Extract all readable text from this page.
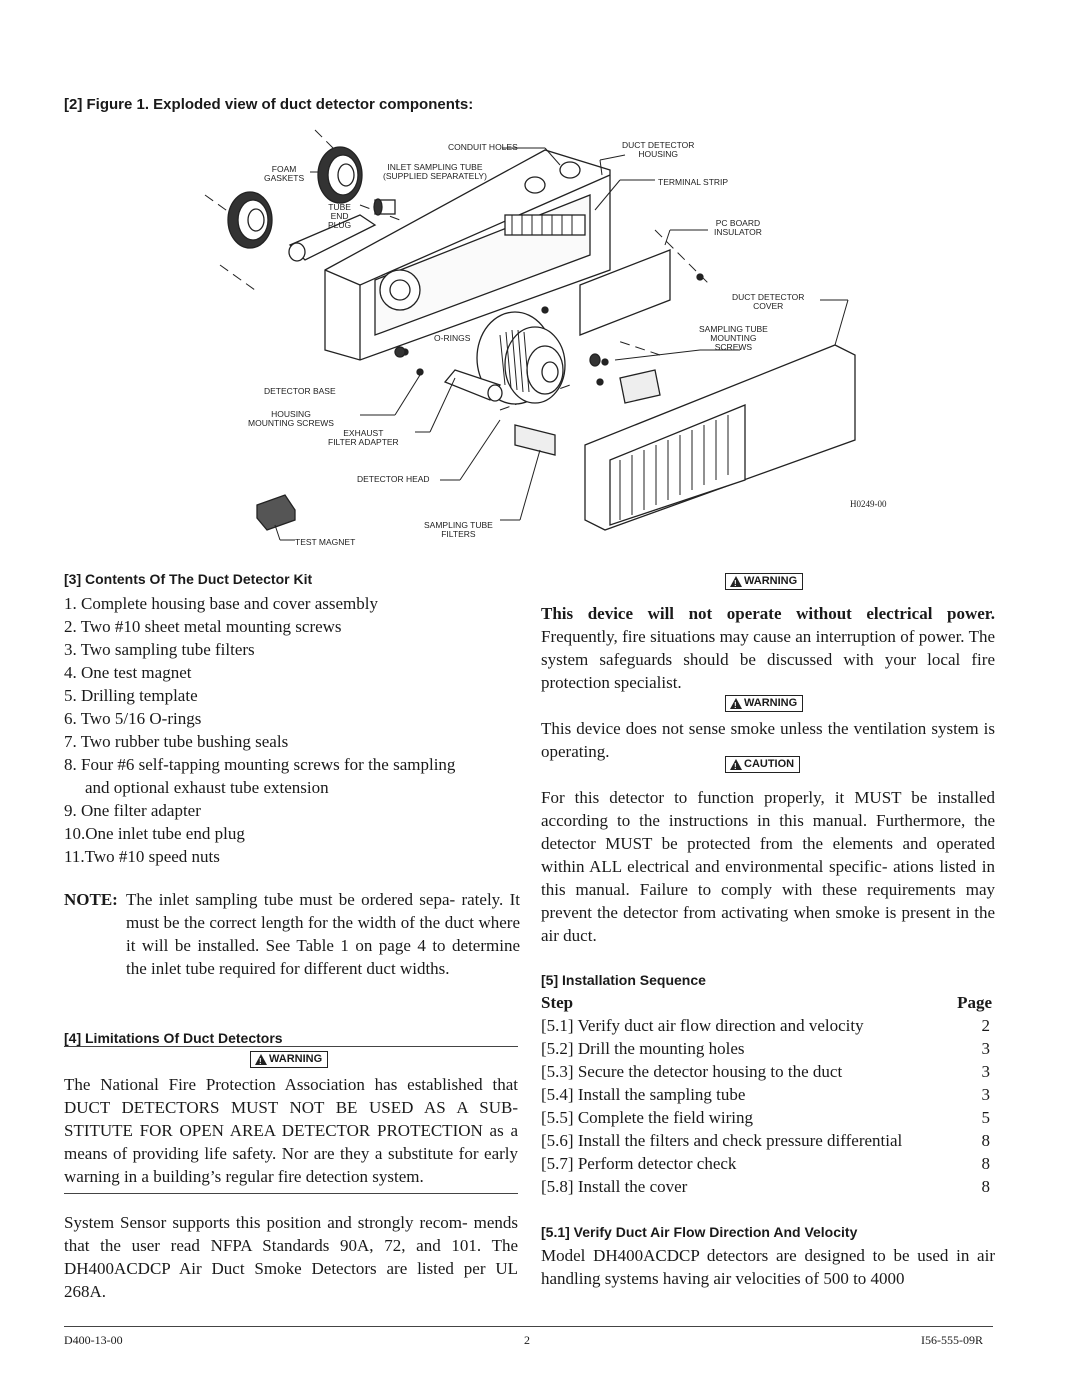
[2] Figure 1. Exploded view of duct detector components:
CONDUIT HOLES	DUCT DETECTOR
HOUSING
FOAM
GASKETS
INLET SAMPLING TUBE
(SUPPLIED SEPARATELY)
TERMINAL STRIP
TUBE
END
PLUG	PC BOARD
INSULATOR
DUCT DETECTOR
COVER
O-RINGS
SAMPLING TUBE
MOUNTING
SCREWS
DETECTOR BASE
HOUSING
MOUNTING SCREWS
EXHAUST
FILTER ADAPTER
DETECTOR HEAD
H0249-00
SAMPLING TUBE
FILTERS
TEST MAGNET
[3] Contents Of The Duct Detector Kit
1. Complete housing base and cover assembly
2. Two #10 sheet metal mounting screws
3. Two sampling tube filters
4. One test magnet
5. Drilling template
6. Two 5/16 O-rings
7. Two rubber tube bushing seals
8. Four #6 self-tapping mounting screws for the sampling
and optional exhaust tube extension
9. One filter adapter
10.One inlet tube end plug
11.Two #10 speed nuts
NOTE: The inlet sampling tube must be ordered sepa- rately. It must be the correct length for the width of the duct where it will be installed. See Table 1 on page 4 to determine the inlet tube required for different duct widths.
[4] Limitations Of Duct Detectors
!
WARNING
The National Fire Protection Association has established that DUCT DETECTORS MUST NOT BE USED AS A SUB- STITUTE FOR OPEN AREA DETECTOR PROTECTION as a means of providing life safety. Nor are they a substitute for early warning in a building’s regular fire detection system.
System Sensor supports this position and strongly recom- mends that the user read NFPA Standards 90A, 72, and 101. The DH400ACDCP Air Duct Smoke Detectors are listed per UL 268A.
!
WARNING
This device will not operate without electrical power. Frequently, fire situations may cause an interruption of power. The system safeguards should be discussed with your local fire protection specialist.
!
WARNING
This device does not sense smoke unless the ventilation system is operating.
!
CAUTION
For this detector to function properly, it MUST be installed according to the instructions in this manual. Furthermore, the detector MUST be protected from the elements and operated within ALL electrical and environmental specific- ations listed in this manual. Failure to comply with these requirements may prevent the detector from activating when smoke is present in the air duct.
[5] Installation Sequence
Step	Page
[5.1] Verify duct air flow direction and velocity	2
[5.2] Drill the mounting holes	3
[5.3] Secure the detector housing to the duct	3
[5.4] Install the sampling tube	3
[5.5] Complete the field wiring	5
[5.6] Install the filters and check pressure differential	8
[5.7] Perform detector check	8
[5.8] Install the cover	8
[5.1] Verify Duct Air Flow Direction And Velocity
Model DH400ACDCP detectors are designed to be used in air handling systems having air velocities of 500 to 4000
D400-13-00	2	I56-555-09R
